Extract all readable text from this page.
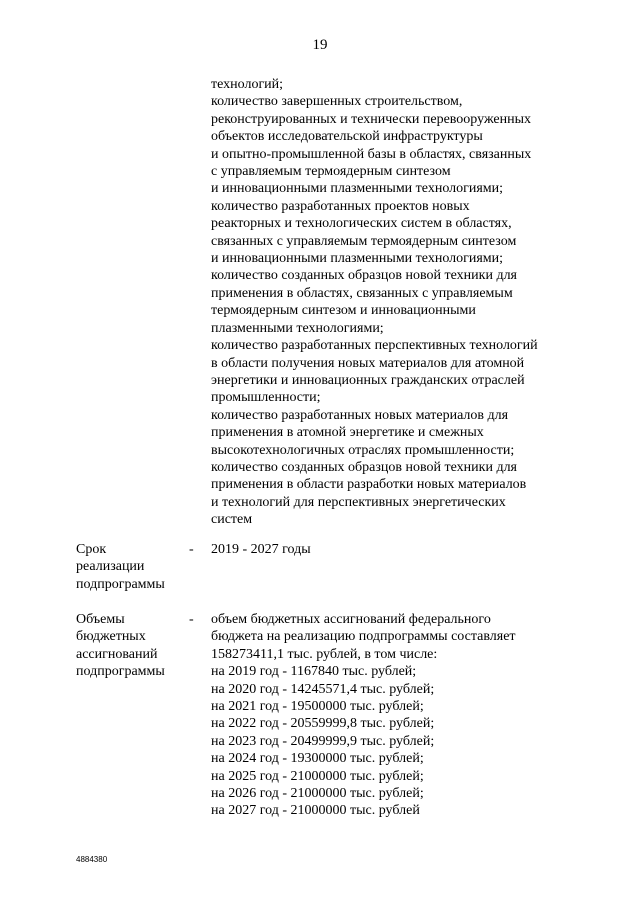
19
технологий;
количество завершенных строительством,
реконструированных и технически перевооруженных
объектов исследовательской инфраструктуры
и опытно-промышленной базы в областях, связанных
с управляемым термоядерным синтезом
и инновационными плазменными технологиями;
количество разработанных проектов новых
реакторных и технологических систем в областях,
связанных с управляемым термоядерным синтезом
и инновационными плазменными технологиями;
количество созданных образцов новой техники для
применения в областях, связанных с управляемым
термоядерным синтезом и инновационными
плазменными технологиями;
количество разработанных перспективных технологий
в области получения новых материалов для атомной
энергетики и инновационных гражданских отраслей
промышленности;
количество разработанных новых материалов для
применения в атомной энергетике и смежных
высокотехнологичных отраслях промышленности;
количество созданных образцов новой техники для
применения в области разработки новых материалов
и технологий для перспективных энергетических
систем
Срок
реализации
подпрограммы
- 2019 - 2027 годы
Объемы
бюджетных
ассигнований
подпрограммы
- объем бюджетных ассигнований федерального
бюджета на реализацию подпрограммы составляет
158273411,1 тыс. рублей, в том числе:
на 2019 год - 1167840 тыс. рублей;
на 2020 год - 14245571,4 тыс. рублей;
на 2021 год - 19500000 тыс. рублей;
на 2022 год - 20559999,8 тыс. рублей;
на 2023 год - 20499999,9 тыс. рублей;
на 2024 год - 19300000 тыс. рублей;
на 2025 год - 21000000 тыс. рублей;
на 2026 год - 21000000 тыс. рублей;
на 2027 год - 21000000 тыс. рублей
4884380
